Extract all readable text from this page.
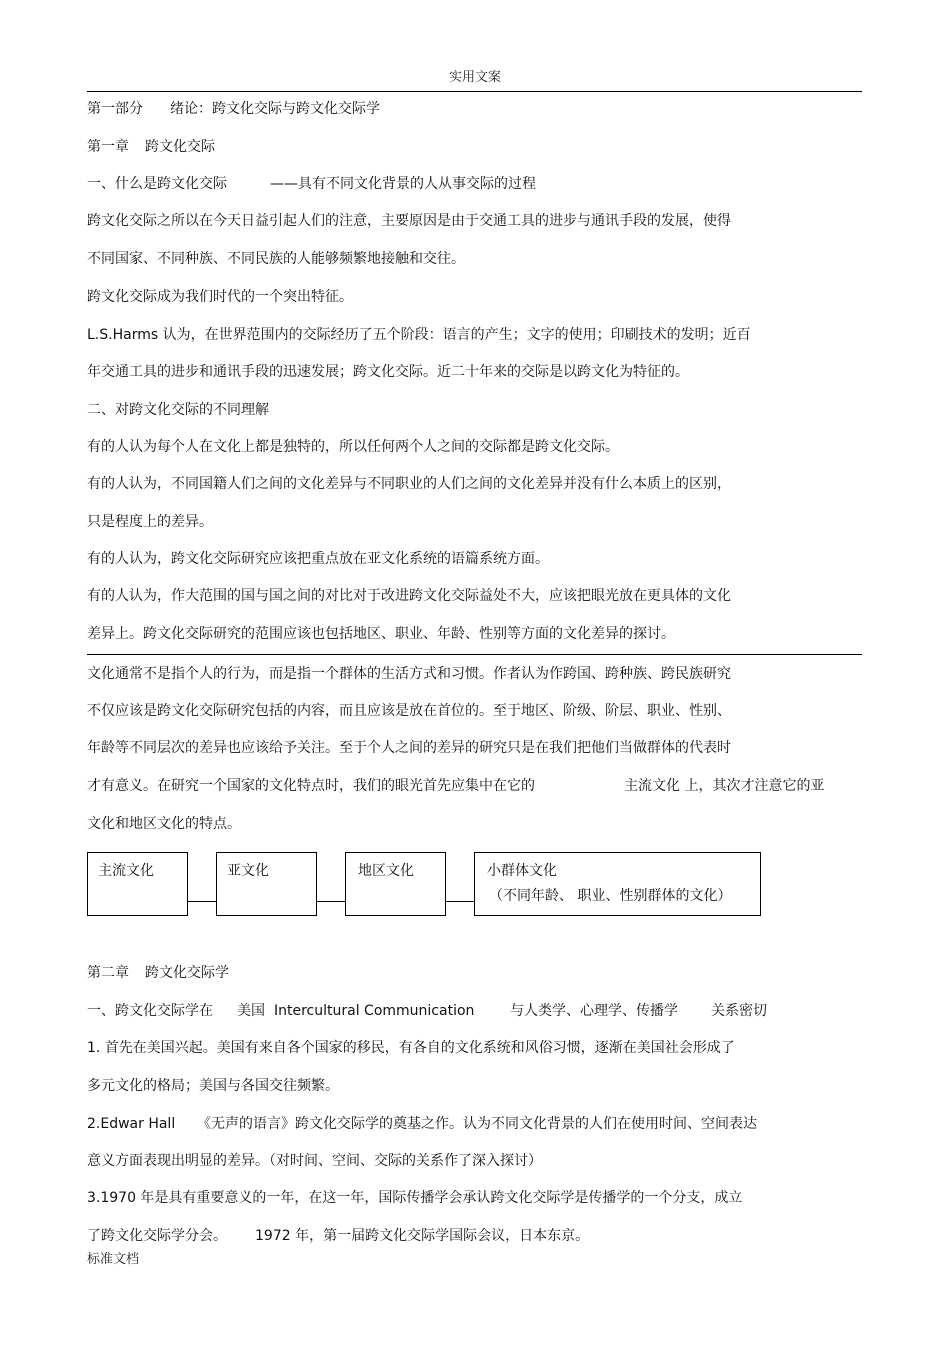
实用文案
第一部分 绪论：跨文化交际与跨文化交际学
第一章 跨文化交际
一、什么是跨文化交际	——具有不同文化背景的人从事交际的过程
跨文化交际之所以在今天日益引起人们的注意，主要原因是由于交通工具的进步与通讯手段的发展，使得
不同国家、不同种族、不同民族的人能够频繁地接触和交往。
跨文化交际成为我们时代的一个突出特征。
L.S.Harms 认为，在世界范围内的交际经历了五个阶段：语言的产生；文字的使用；印刷技术的发明；近百
年交通工具的进步和通讯手段的迅速发展；跨文化交际。近二十年来的交际是以跨文化为特征的。
二、对跨文化交际的不同理解
有的人认为每个人在文化上都是独特的，所以任何两个人之间的交际都是跨文化交际。
有的人认为，不同国籍人们之间的文化差异与不同职业的人们之间的文化差异并没有什么本质上的区别，
只是程度上的差异。
有的人认为，跨文化交际研究应该把重点放在亚文化系统的语篇系统方面。
有的人认为，作大范围的国与国之间的对比对于改进跨文化交际益处不大，应该把眼光放在更具体的文化
差异上。跨文化交际研究的范围应该也包括地区、职业、年龄、性别等方面的文化差异的探讨。
文化通常不是指个人的行为，而是指一个群体的生活方式和习惯。作者认为作跨国、跨种族、跨民族研究
不仅应该是跨文化交际研究包括的内容，而且应该是放在首位的。至于地区、阶级、阶层、职业、性别、
年龄等不同层次的差异也应该给予关注。至于个人之间的差异的研究只是在我们把他们当做群体的代表时
才有意义。在研究一个国家的文化特点时，我们的眼光首先应集中在它的	主流文化 上，其次才注意它的亚
文化和地区文化的特点。
主流文化	亚文化	地区文化	小群体文化
（不同年龄、 职业、性别群体的文化）
第二章 跨文化交际学
一、跨文化交际学在 美国 Intercultural Communication	与人类学、心理学、传播学 关系密切
1. 首先在美国兴起。美国有来自各个国家的移民，有各自的文化系统和风俗习惯，逐渐在美国社会形成了
多元文化的格局；美国与各国交往频繁。
2.Edwar Hall 《无声的语言》跨文化交际学的奠基之作。认为不同文化背景的人们在使用时间、空间表达
意义方面表现出明显的差异。（对时间、空间、交际的关系作了深入探讨）
3.1970 年是具有重要意义的一年，在这一年，国际传播学会承认跨文化交际学是传播学的一个分支，成立
了跨文化交际学分会。 1972 年，第一届跨文化交际学国际会议，日本东京。
标准文档
